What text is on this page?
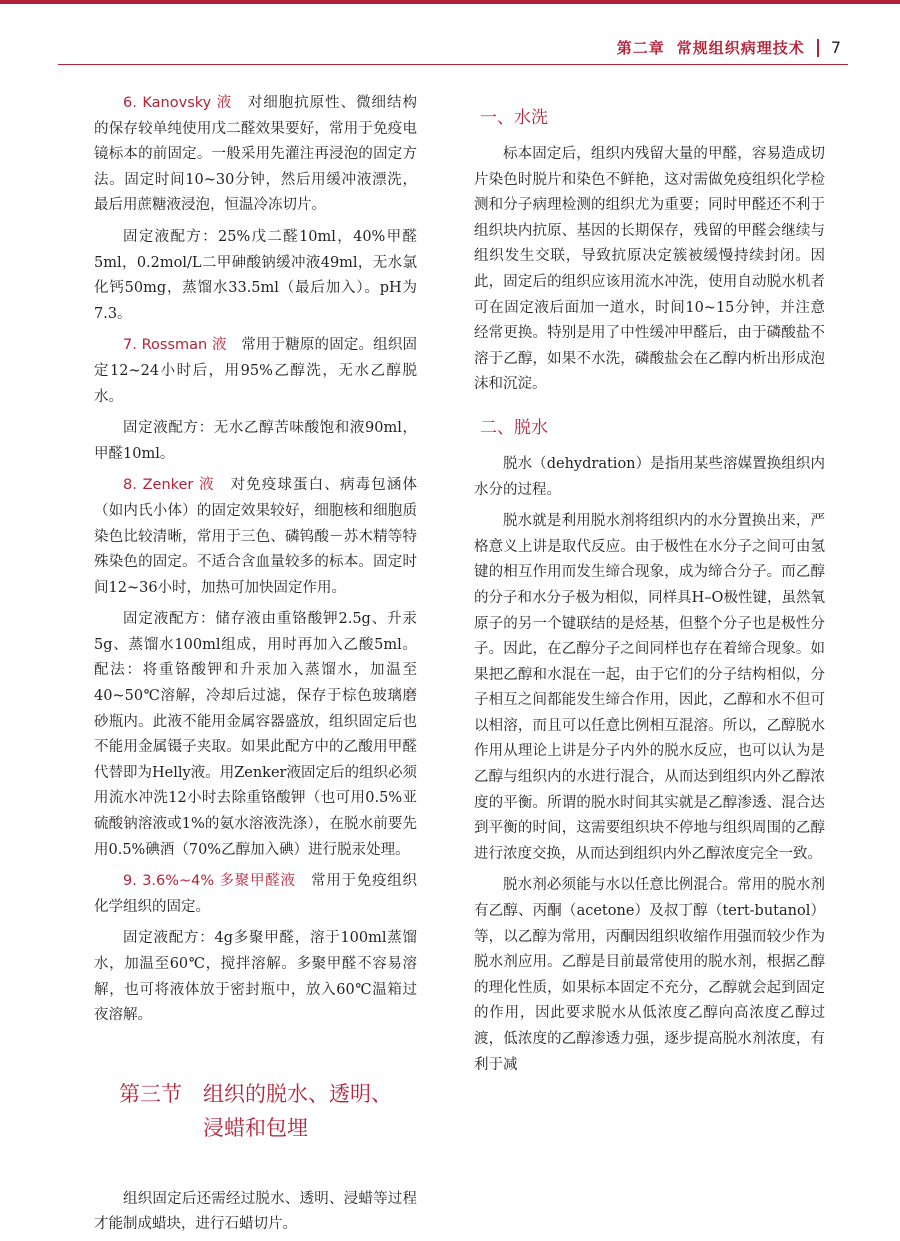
第二章 常规组织病理技术 7

6. Kanovsky 液　 对细胞抗原性、微细结构的保存较单纯使用戊二醛效果要好，常用于免疫电镜标本的前固定。一般采用先灌注再浸泡的固定方法。固定时间10~30分钟，然后用缓冲液漂洗，最后用蔗糖液浸泡，恒温冷冻切片。

固定液配方：25%戊二醛10ml，40%甲醛5ml，0.2mol/L二甲砷酸钠缓冲液49ml，无水氯化钙50mg，蒸馏水33.5ml（最后加入）。pH为7.3。

7. Rossman 液　 常用于糖原的固定。组织固定12~24小时后，用95%乙醇洗，无水乙醇脱水。

固定液配方：无水乙醇苦味酸饱和液90ml，甲醛10ml。

8. Zenker 液　 对免疫球蛋白、病毒包涵体（如内氏小体）的固定效果较好，细胞核和细胞质染色比较清晰，常用于三色、磷钨酸－苏木精等特殊染色的固定。不适合含血量较多的标本。固定时间12~36小时，加热可加快固定作用。

固定液配方：储存液由重铬酸钾2.5g、升汞5g、蒸馏水100ml组成，用时再加入乙酸5ml。配法：将重铬酸钾和升汞加入蒸馏水，加温至40~50℃溶解，冷却后过滤，保存于棕色玻璃磨砂瓶内。此液不能用金属容器盛放，组织固定后也不能用金属镊子夹取。如果此配方中的乙酸用甲醛代替即为Helly液。用Zenker液固定后的组织必须用流水冲洗12小时去除重铬酸钾（也可用0.5%亚硫酸钠溶液或1%的氨水溶液洗涤），在脱水前要先用0.5%碘酒（70%乙醇加入碘）进行脱汞处理。

9. 3.6%~4% 多聚甲醛液　 常用于免疫组织化学组织的固定。

固定液配方：4g多聚甲醛，溶于100ml蒸馏水，加温至60℃，搅拌溶解。多聚甲醛不容易溶解，也可将液体放于密封瓶中，放入60℃温箱过夜溶解。

第三节　组织的脱水、透明、
浸蜡和包埋

组织固定后还需经过脱水、透明、浸蜡等过程才能制成蜡块，进行石蜡切片。

一、水洗

标本固定后，组织内残留大量的甲醛，容易造成切片染色时脱片和染色不鲜艳，这对需做免疫组织化学检测和分子病理检测的组织尤为重要；同时甲醛还不利于组织块内抗原、基因的长期保存，残留的甲醛会继续与组织发生交联，导致抗原决定簇被缓慢持续封闭。因此，固定后的组织应该用流水冲洗，使用自动脱水机者可在固定液后面加一道水，时间10~15分钟，并注意经常更换。特别是用了中性缓冲甲醛后，由于磷酸盐不溶于乙醇，如果不水洗，磷酸盐会在乙醇内析出形成泡沫和沉淀。

二、脱水

脱水（dehydration）是指用某些溶媒置换组织内水分的过程。

脱水就是利用脱水剂将组织内的水分置换出来，严格意义上讲是取代反应。由于极性在水分子之间可由氢键的相互作用而发生缔合现象，成为缔合分子。而乙醇的分子和水分子极为相似，同样具H–O极性键，虽然氧原子的另一个键联结的是烃基，但整个分子也是极性分子。因此，在乙醇分子之间同样也存在着缔合现象。如果把乙醇和水混在一起，由于它们的分子结构相似，分子相互之间都能发生缔合作用，因此，乙醇和水不但可以相溶，而且可以任意比例相互混溶。所以，乙醇脱水作用从理论上讲是分子内外的脱水反应，也可以认为是乙醇与组织内的水进行混合，从而达到组织内外乙醇浓度的平衡。所谓的脱水时间其实就是乙醇渗透、混合达到平衡的时间，这需要组织块不停地与组织周围的乙醇进行浓度交换，从而达到组织内外乙醇浓度完全一致。

脱水剂必须能与水以任意比例混合。常用的脱水剂有乙醇、丙酮（acetone）及叔丁醇（tert-butanol）等，以乙醇为常用，丙酮因组织收缩作用强而较少作为脱水剂应用。乙醇是目前最常使用的脱水剂，根据乙醇的理化性质，如果标本固定不充分，乙醇就会起到固定的作用，因此要求脱水从低浓度乙醇向高浓度乙醇过渡，低浓度的乙醇渗透力强，逐步提高脱水剂浓度，有利于减
